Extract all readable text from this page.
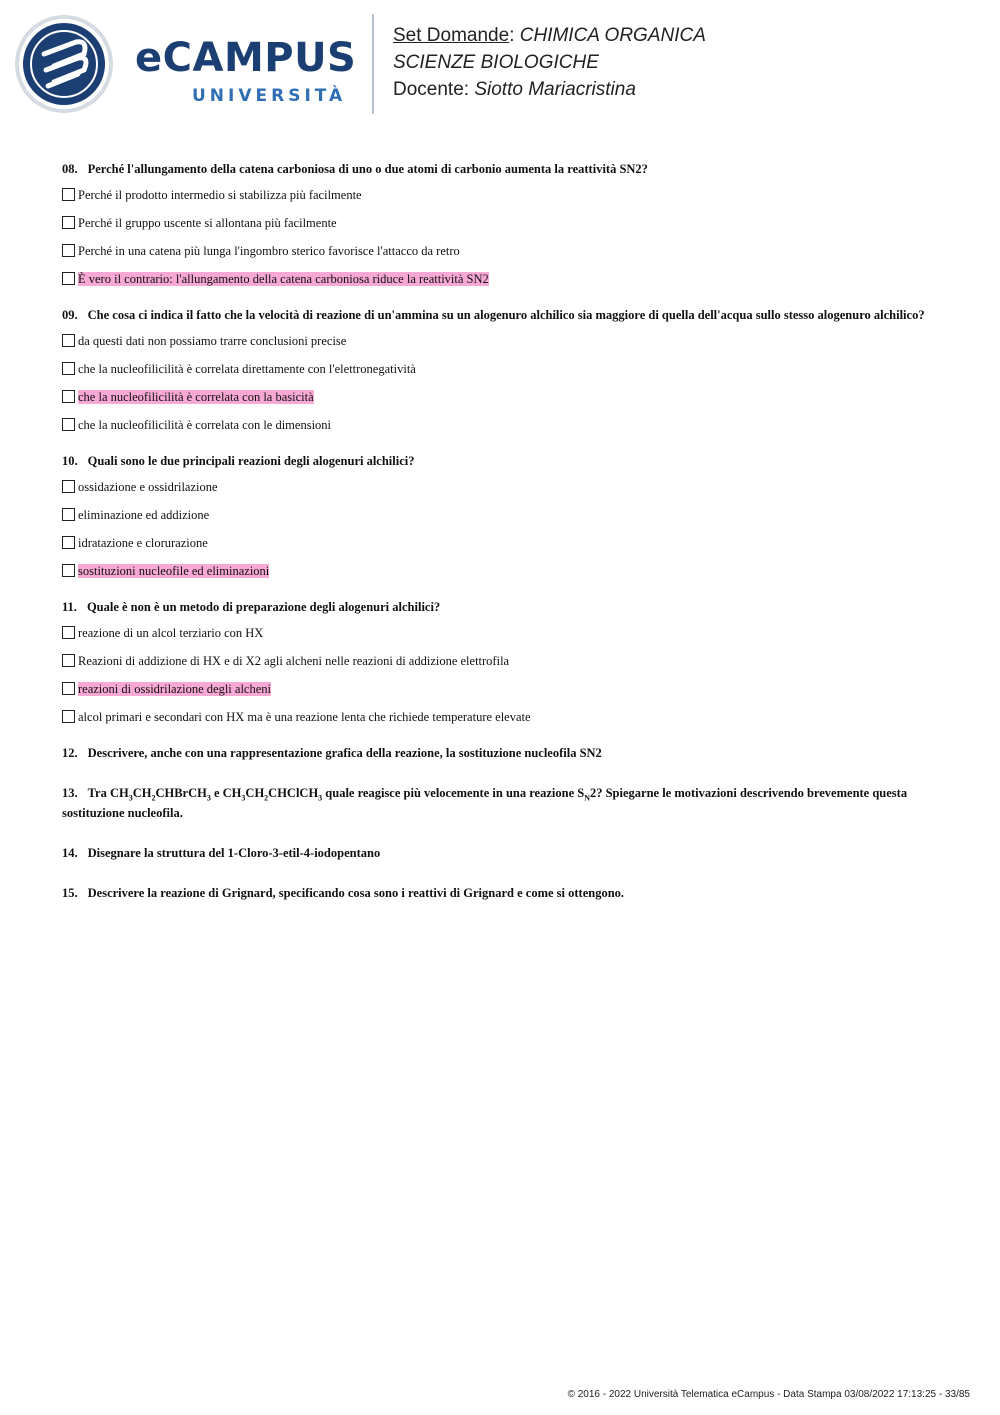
eCAMPUS
UNIVERSITÀ
Set Domande: CHIMICA ORGANICA
SCIENZE BIOLOGICHE
Docente: Siotto Mariacristina
08. Perché l'allungamento della catena carboniosa di uno o due atomi di carbonio aumenta la reattività SN2?
Perché il prodotto intermedio si stabilizza più facilmente
Perché il gruppo uscente si allontana più facilmente
Perché in una catena più lunga l'ingombro sterico favorisce l'attacco da retro
È vero il contrario: l'allungamento della catena carboniosa riduce la reattività SN2
09. Che cosa ci indica il fatto che la velocità di reazione di un'ammina su un alogenuro alchilico sia maggiore di quella dell'acqua sullo stesso alogenuro alchilico?
da questi dati non possiamo trarre conclusioni precise
che la nucleofilicilità è correlata direttamente con l'elettronegatività
che la nucleofilicilità è correlata con la basicità
che la nucleofilicilità è correlata con le dimensioni
10. Quali sono le due principali reazioni degli alogenuri alchilici?
ossidazione e ossidrilazione
eliminazione ed addizione
idratazione e clorurazione
sostituzioni nucleofile ed eliminazioni
11. Quale è non è un metodo di preparazione degli alogenuri alchilici?
reazione di un alcol terziario con HX
Reazioni di addizione di HX e di X2 agli alcheni nelle reazioni di addizione elettrofila
reazioni di ossidrilazione degli alcheni
alcol primari e secondari con HX ma è una reazione lenta che richiede temperature elevate
12. Descrivere, anche con una rappresentazione grafica della reazione, la sostituzione nucleofila SN2
13. Tra $CH_3CH_2CHBrCH_3$ e $CH_3CH_2CHClCH_3$ quale reagisce più velocemente in una reazione $S_N2$? Spiegarne le motivazioni descrivendo brevemente questa sostituzione nucleofila.
14. Disegnare la struttura del 1-Cloro-3-etil-4-iodopentano
15. Descrivere la reazione di Grignard, specificando cosa sono i reattivi di Grignard e come si ottengono.
© 2016 - 2022 Università Telematica eCampus - Data Stampa 03/08/2022 17:13:25 - 33/85
